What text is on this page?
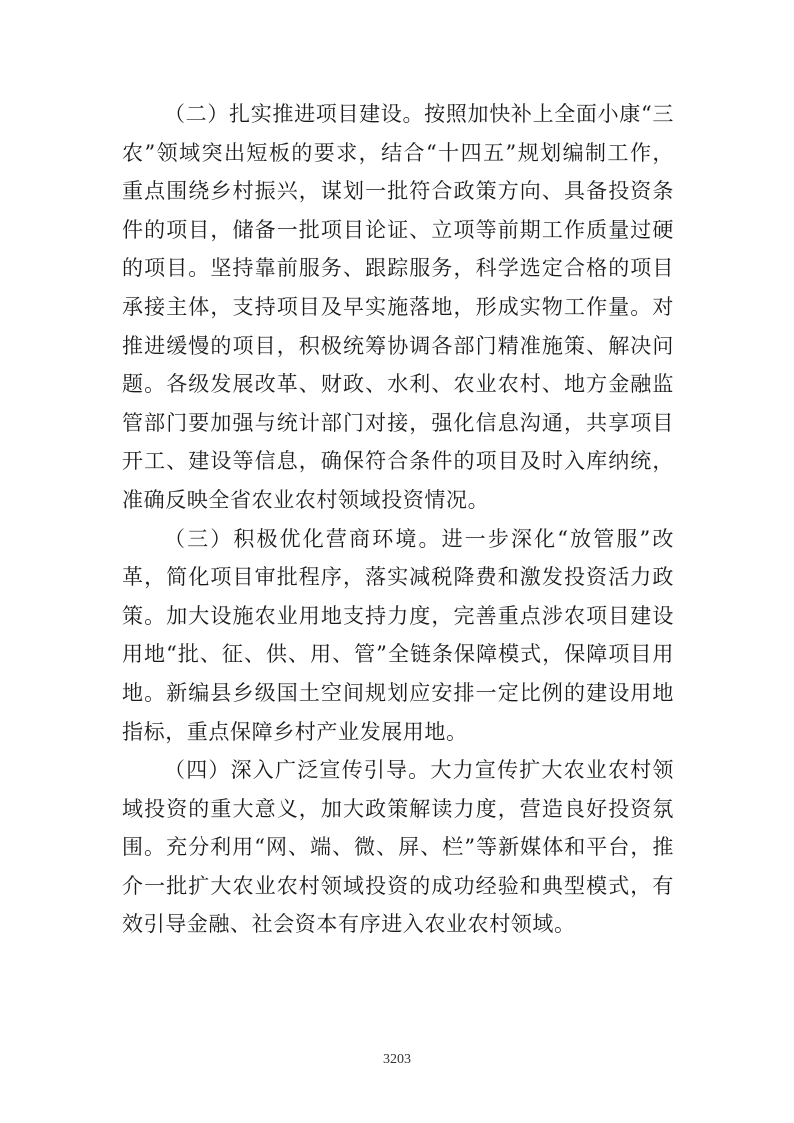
（二）扎实推进项目建设。按照加快补上全面小康“三农”领域突出短板的要求，结合“十四五”规划编制工作，重点围绕乡村振兴，谋划一批符合政策方向、具备投资条件的项目，储备一批项目论证、立项等前期工作质量过硬的项目。坚持靠前服务、跟踪服务，科学选定合格的项目承接主体，支持项目及早实施落地，形成实物工作量。对推进缓慢的项目，积极统筹协调各部门精准施策、解决问题。各级发展改革、财政、水利、农业农村、地方金融监管部门要加强与统计部门对接，强化信息沟通，共享项目开工、建设等信息，确保符合条件的项目及时入库纳统，准确反映全省农业农村领域投资情况。

（三）积极优化营商环境。进一步深化“放管服”改革，简化项目审批程序，落实减税降费和激发投资活力政策。加大设施农业用地支持力度，完善重点涉农项目建设用地“批、征、供、用、管”全链条保障模式，保障项目用地。新编县乡级国土空间规划应安排一定比例的建设用地指标，重点保障乡村产业发展用地。

（四）深入广泛宣传引导。大力宣传扩大农业农村领域投资的重大意义，加大政策解读力度，营造良好投资氛围。充分利用“网、端、微、屏、栏”等新媒体和平台，推介一批扩大农业农村领域投资的成功经验和典型模式，有效引导金融、社会资本有序进入农业农村领域。

3203
